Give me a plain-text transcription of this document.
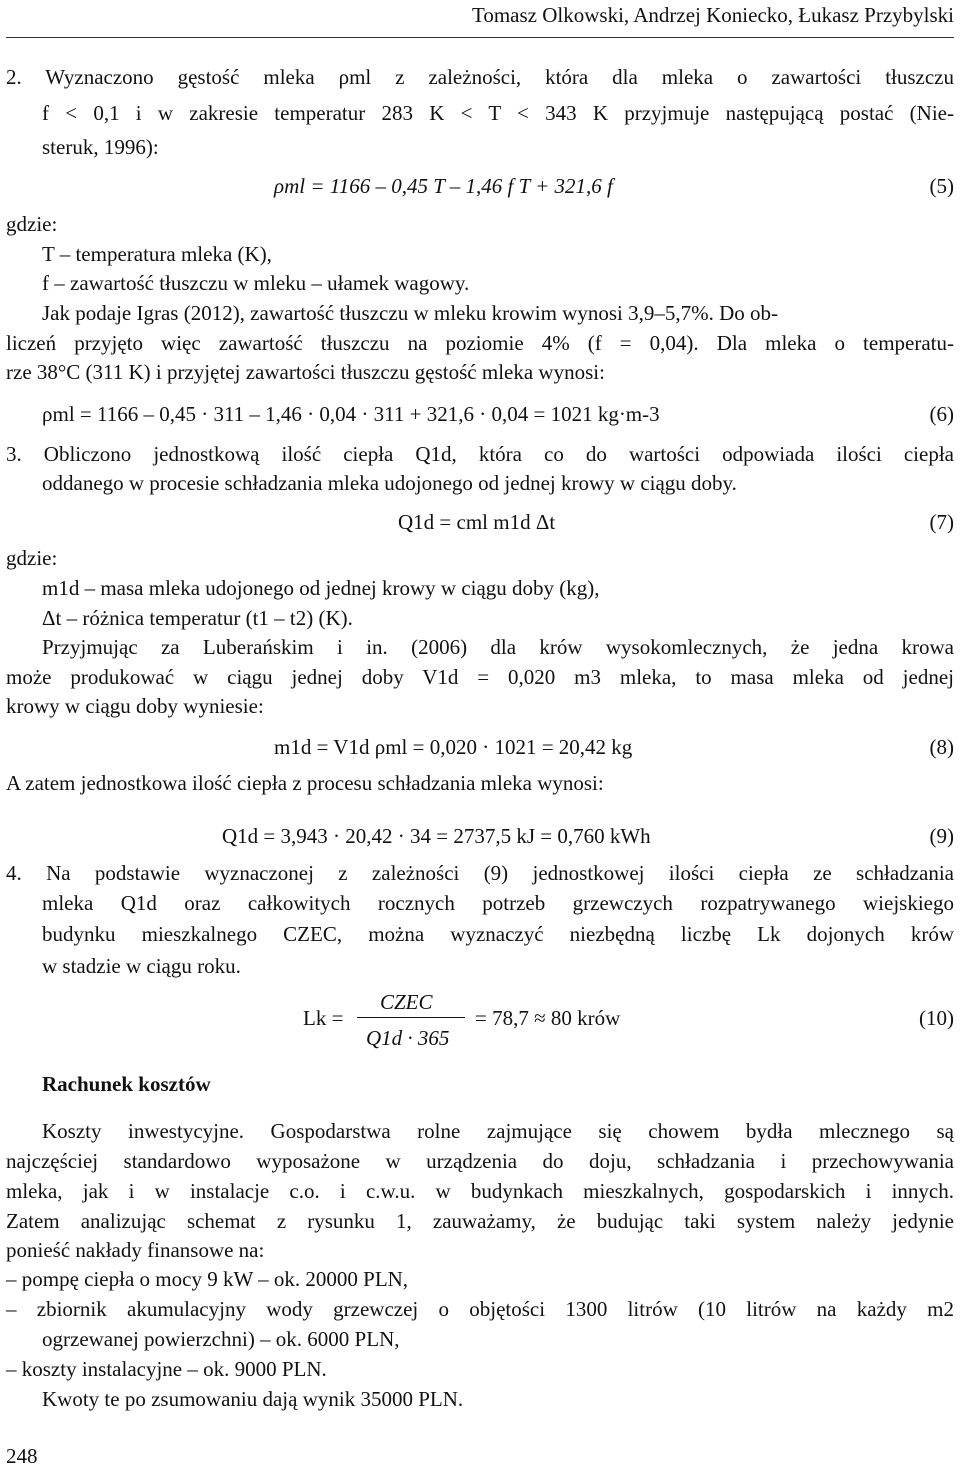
Tomasz Olkowski, Andrzej Koniecko, Łukasz Przybylski
2. Wyznaczono gęstość mleka ρml z zależności, która dla mleka o zawartości tłuszczu
f < 0,1 i w zakresie temperatur 283 K < T < 343 K przyjmuje następującą postać (Nie-
steruk, 1996):
ρml = 1166 – 0,45 T – 1,46 f T + 321,6 f	(5)
gdzie:
T – temperatura mleka (K),
f – zawartość tłuszczu w mleku – ułamek wagowy.
Jak podaje Igras (2012), zawartość tłuszczu w mleku krowim wynosi 3,9–5,7%. Do ob-
liczeń przyjęto więc zawartość tłuszczu na poziomie 4% (f = 0,04). Dla mleka o temperatu-
rze 38°C (311 K) i przyjętej zawartości tłuszczu gęstość mleka wynosi:
ρml = 1166 – 0,45 · 311 – 1,46 · 0,04 · 311 + 321,6 · 0,04 = 1021 kg·m-3	(6)
3. Obliczono jednostkową ilość ciepła Q1d, która co do wartości odpowiada ilości ciepła
oddanego w procesie schładzania mleka udojonego od jednej krowy w ciągu doby.
Q1d = cml m1d Δt	(7)
gdzie:
m1d – masa mleka udojonego od jednej krowy w ciągu doby (kg),
Δt – różnica temperatur (t1 – t2) (K).
Przyjmując za Luberańskim i in. (2006) dla krów wysokomlecznych, że jedna krowa
może produkować w ciągu jednej doby V1d = 0,020 m3 mleka, to masa mleka od jednej
krowy w ciągu doby wyniesie:
m1d = V1d ρml = 0,020 · 1021 = 20,42 kg	(8)
A zatem jednostkowa ilość ciepła z procesu schładzania mleka wynosi:
Q1d = 3,943 · 20,42 · 34 = 2737,5 kJ = 0,760 kWh	(9)
4. Na podstawie wyznaczonej z zależności (9) jednostkowej ilości ciepła ze schładzania
mleka Q1d oraz całkowitych rocznych potrzeb grzewczych rozpatrywanego wiejskiego
budynku mieszkalnego CZEC, można wyznaczyć niezbędną liczbę Lk dojonych krów
w stadzie w ciągu roku.
Lk =
CZEC
Q1d · 365
= 78,7 ≈ 80 krów	(10)
Rachunek kosztów
Koszty inwestycyjne. Gospodarstwa rolne zajmujące się chowem bydła mlecznego są
najczęściej standardowo wyposażone w urządzenia do doju, schładzania i przechowywania
mleka, jak i w instalacje c.o. i c.w.u. w budynkach mieszkalnych, gospodarskich i innych.
Zatem analizując schemat z rysunku 1, zauważamy, że budując taki system należy jedynie
ponieść nakłady finansowe na:
– pompę ciepła o mocy 9 kW – ok. 20000 PLN,
– zbiornik akumulacyjny wody grzewczej o objętości 1300 litrów (10 litrów na każdy m2
ogrzewanej powierzchni) – ok. 6000 PLN,
– koszty instalacyjne – ok. 9000 PLN.
Kwoty te po zsumowaniu dają wynik 35000 PLN.
248
